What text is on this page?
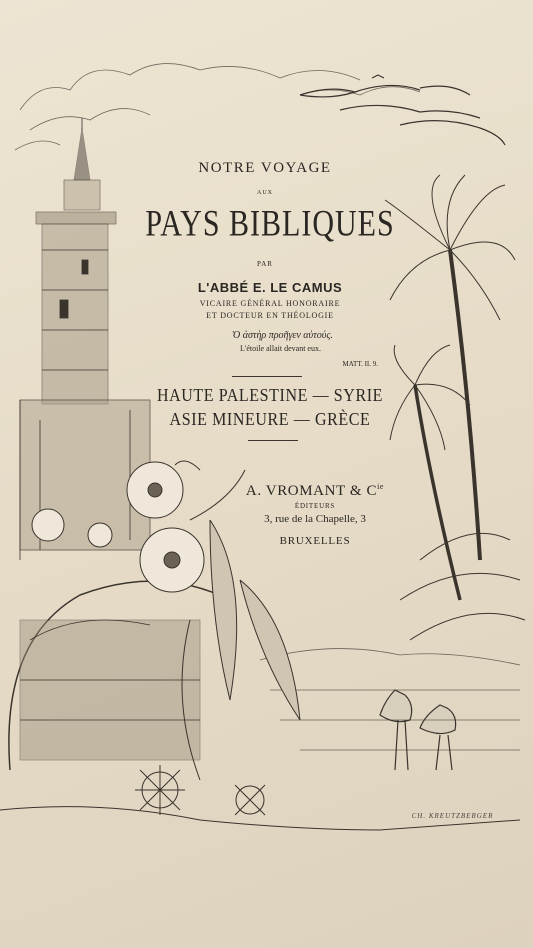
NOTRE VOYAGE
AUX
PAYS BIBLIQUES
PAR
L'ABBÉ E. LE CAMUS
VICAIRE GÉNÉRAL HONORAIRE
ET DOCTEUR EN THÉOLOGIE
Ὁ ἀστὴρ προῆγεν αὐτούς.
L'étoile allait devant eux.
MATT. II. 9.
HAUTE PALESTINE — SYRIE
ASIE MINEURE — GRÈCE
A. VROMANT & $C^{ie}$
ÉDITEURS
3, rue de la Chapelle, 3
BRUXELLES
CH. KREUTZBERGER
